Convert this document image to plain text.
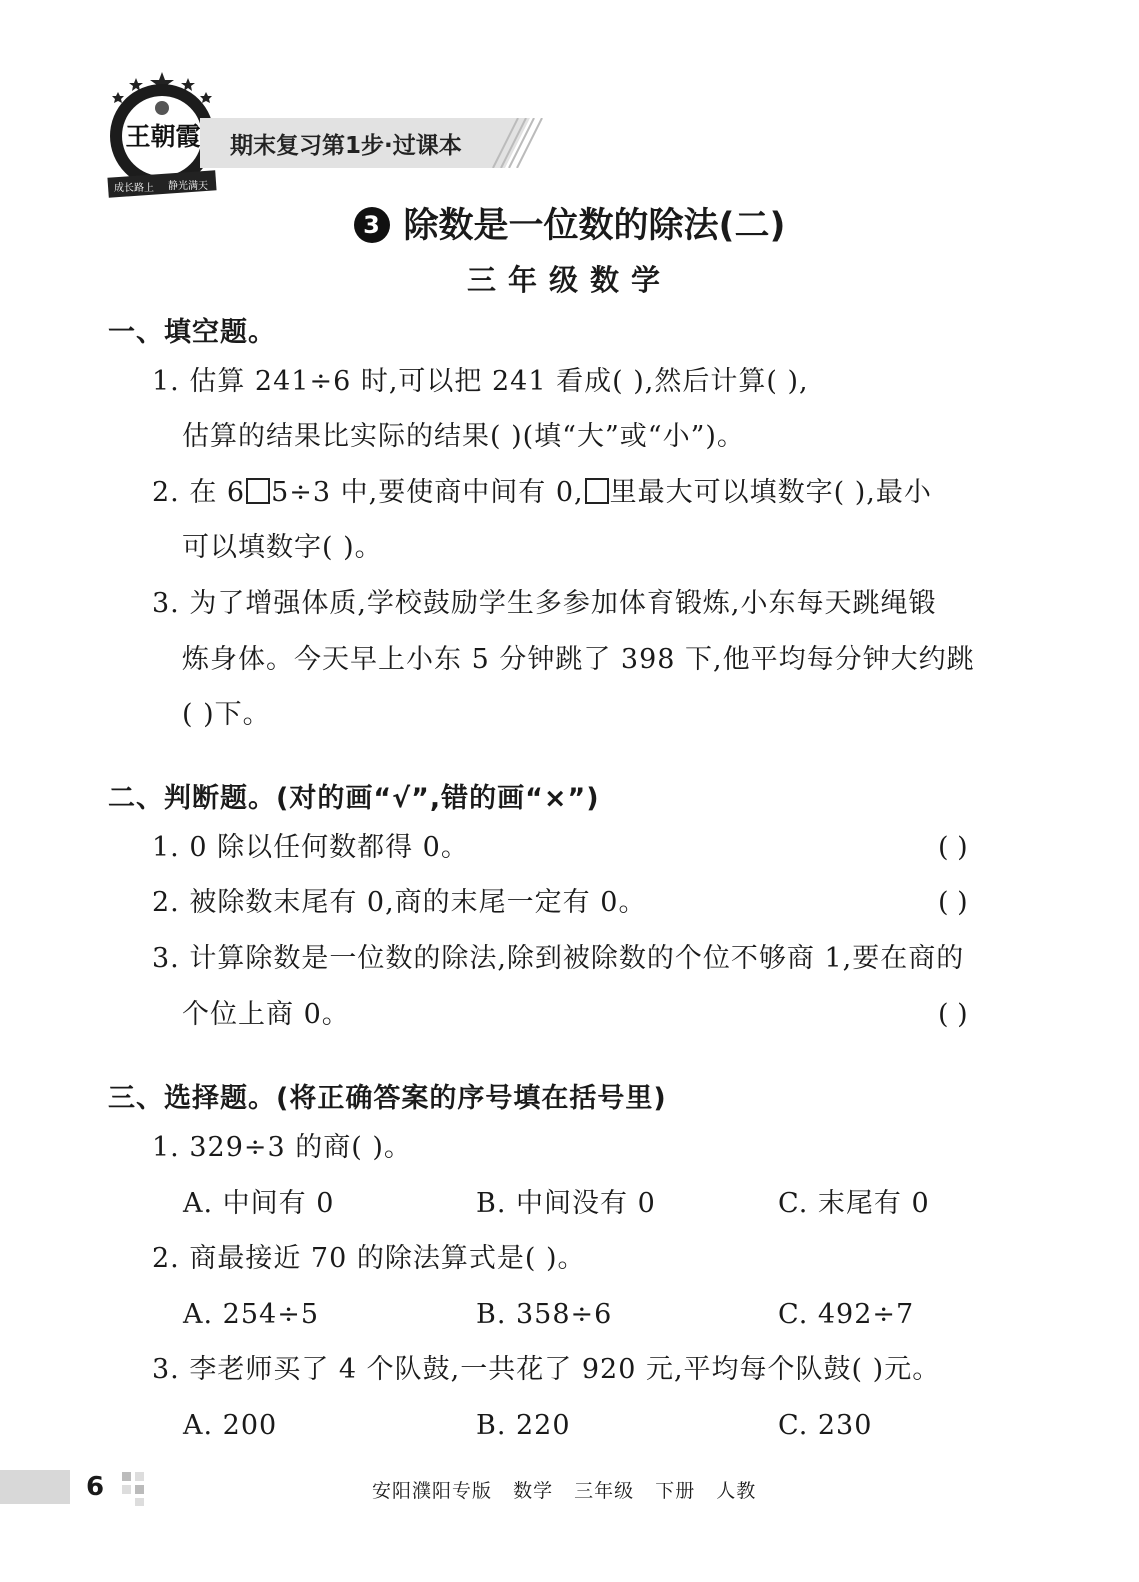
王朝霞
成长路上 静光满天
期末复习第1步·过课本
3 除数是一位数的除法(二)
三年级数学
一、填空题。
1. 估算 241÷6 时,可以把 241 看成( ),然后计算( ),
估算的结果比实际的结果( )(填“大”或“小”)。
2. 在 6 5÷3 中,要使商中间有 0, 里最大可以填数字( ),最小
可以填数字( )。
3. 为了增强体质,学校鼓励学生多参加体育锻炼,小东每天跳绳锻
炼身体。今天早上小东 5 分钟跳了 398 下,他平均每分钟大约跳
( )下。
二、判断题。(对的画“√”,错的画“×”)
1. 0 除以任何数都得 0。	( )
2. 被除数末尾有 0,商的末尾一定有 0。	( )
3. 计算除数是一位数的除法,除到被除数的个位不够商 1,要在商的
个位上商 0。	( )
三、选择题。(将正确答案的序号填在括号里)
1. 329÷3 的商( )。
A. 中间有 0	B. 中间没有 0	C. 末尾有 0
2. 商最接近 70 的除法算式是( )。
A. 254÷5	B. 358÷6	C. 492÷7
3. 李老师买了 4 个队鼓,一共花了 920 元,平均每个队鼓( )元。
A. 200	B. 220	C. 230
6	安阳濮阳专版 数学 三年级 下册 人教
